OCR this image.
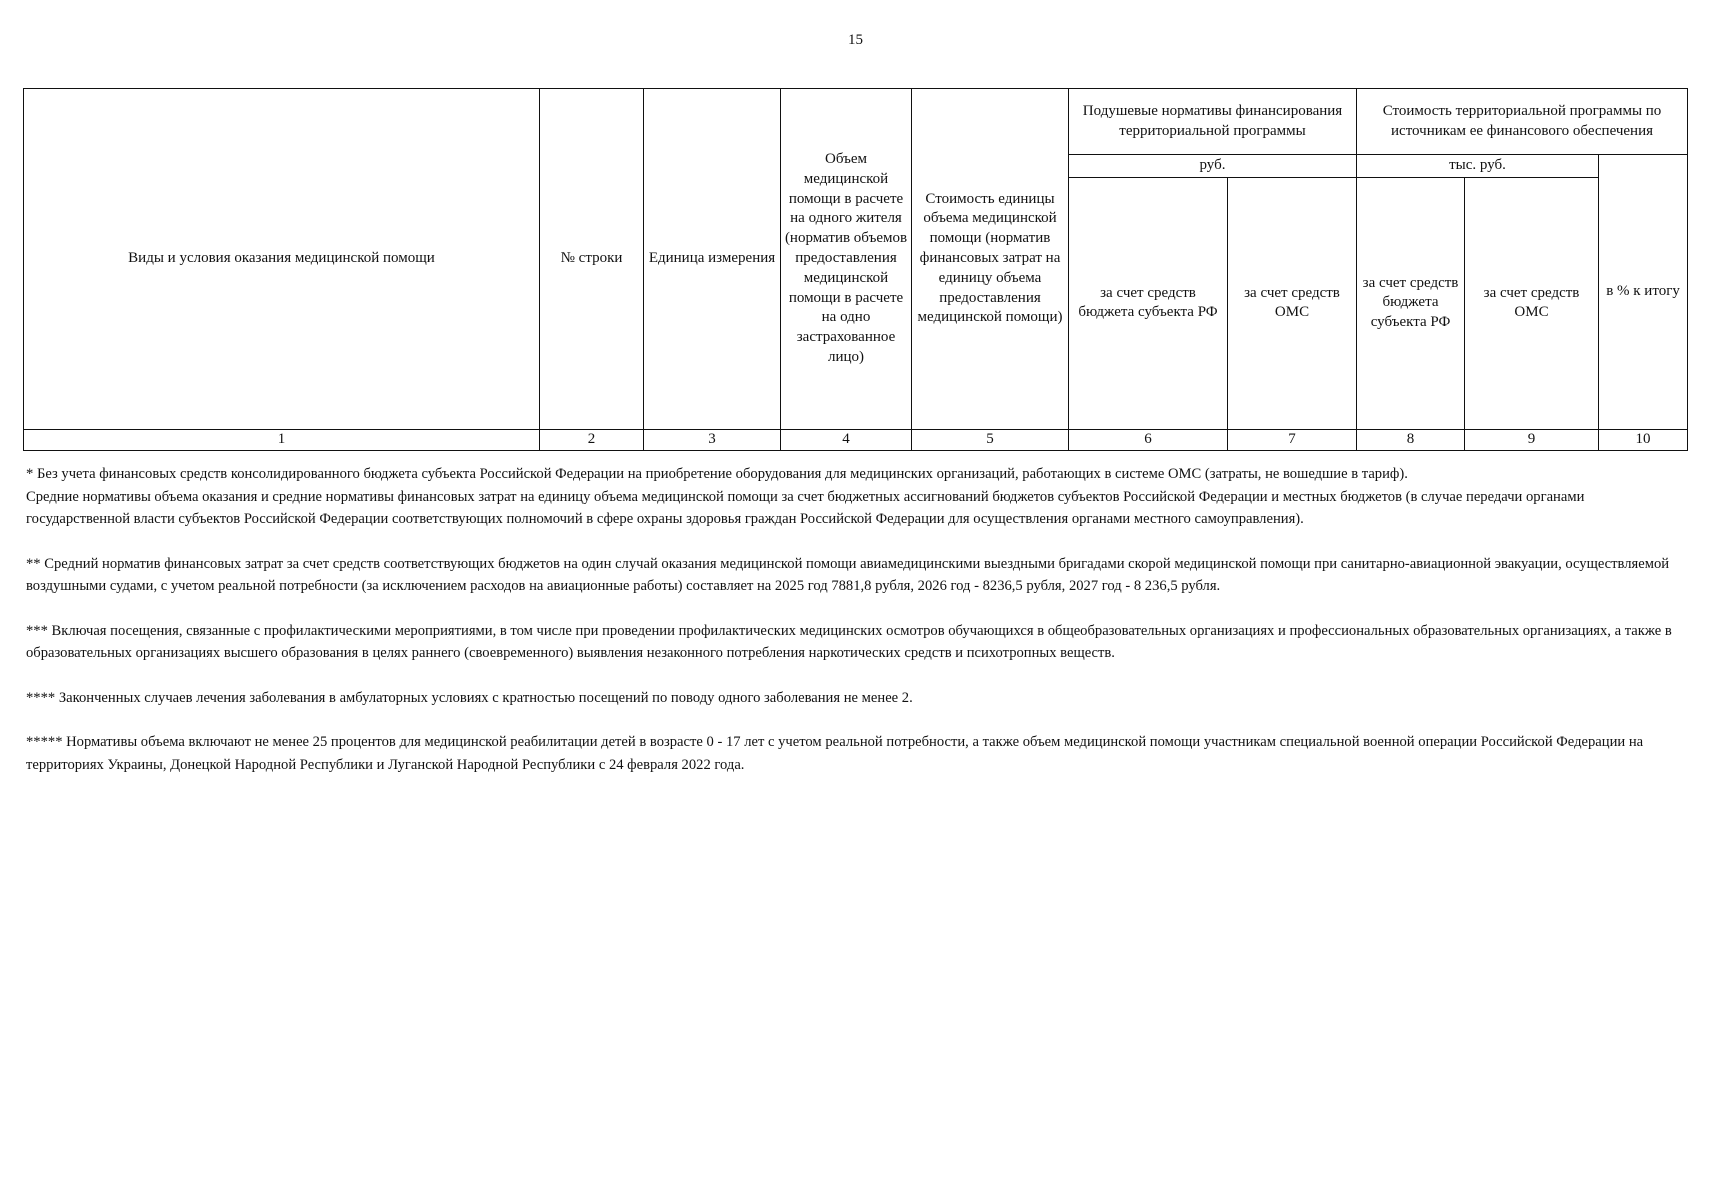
15
Виды и условия оказания медицинской помощи	№ строки	Единица измерения	Объем медицинской помощи в расчете на одного жителя (норматив объемов предоставления медицинской помощи в расчете на одно застрахованное лицо)	Стоимость единицы объема медицинской помощи (норматив финансовых затрат на единицу объема предоставления медицинской помощи)	Подушевые нормативы финансирования территориальной программы		Стоимость территориальной программы по источникам ее финансового обеспечения		
					руб.		тыс. руб.		в % к итогу
					за счет средств бюджета субъекта РФ	за счет средств ОМС	за счет средств бюджета субъекта РФ	за счет средств ОМС	
1	2	3	4	5	6	7	8	9	10

* Без учета финансовых средств консолидированного бюджета субъекта Российской Федерации на приобретение оборудования для медицинских организаций, работающих в системе ОМС (затраты, не вошедшие в тариф).

Средние нормативы объема оказания и средние нормативы финансовых затрат на единицу объема медицинской помощи за счет бюджетных ассигнований бюджетов субъектов Российской Федерации и местных бюджетов (в случае передачи органами государственной власти субъектов Российской Федерации соответствующих полномочий в сфере охраны здоровья граждан Российской Федерации для осуществления органами местного самоуправления).

** Средний норматив финансовых затрат за счет средств соответствующих бюджетов на один случай оказания медицинской помощи авиамедицинскими выездными бригадами скорой медицинской помощи при санитарно-авиационной эвакуации, осуществляемой воздушными судами, с учетом реальной потребности (за исключением расходов на авиационные работы) составляет на 2025 год 7881,8 рубля, 2026 год - 8236,5 рубля, 2027 год - 8 236,5 рубля.

*** Включая посещения, связанные с профилактическими мероприятиями, в том числе при проведении профилактических медицинских осмотров обучающихся в общеобразовательных организациях и профессиональных образовательных организациях, а также в образовательных организациях высшего образования в целях раннего (своевременного) выявления незаконного потребления наркотических средств и психотропных веществ.

**** Законченных случаев лечения заболевания в амбулаторных условиях с кратностью посещений по поводу одного заболевания не менее 2.

***** Нормативы объема включают не менее 25 процентов для медицинской реабилитации детей в возрасте 0 - 17 лет с учетом реальной потребности, а также объем медицинской помощи участникам специальной военной операции Российской Федерации на территориях Украины, Донецкой Народной Республики и Луганской Народной Республики с 24 февраля 2022 года.
